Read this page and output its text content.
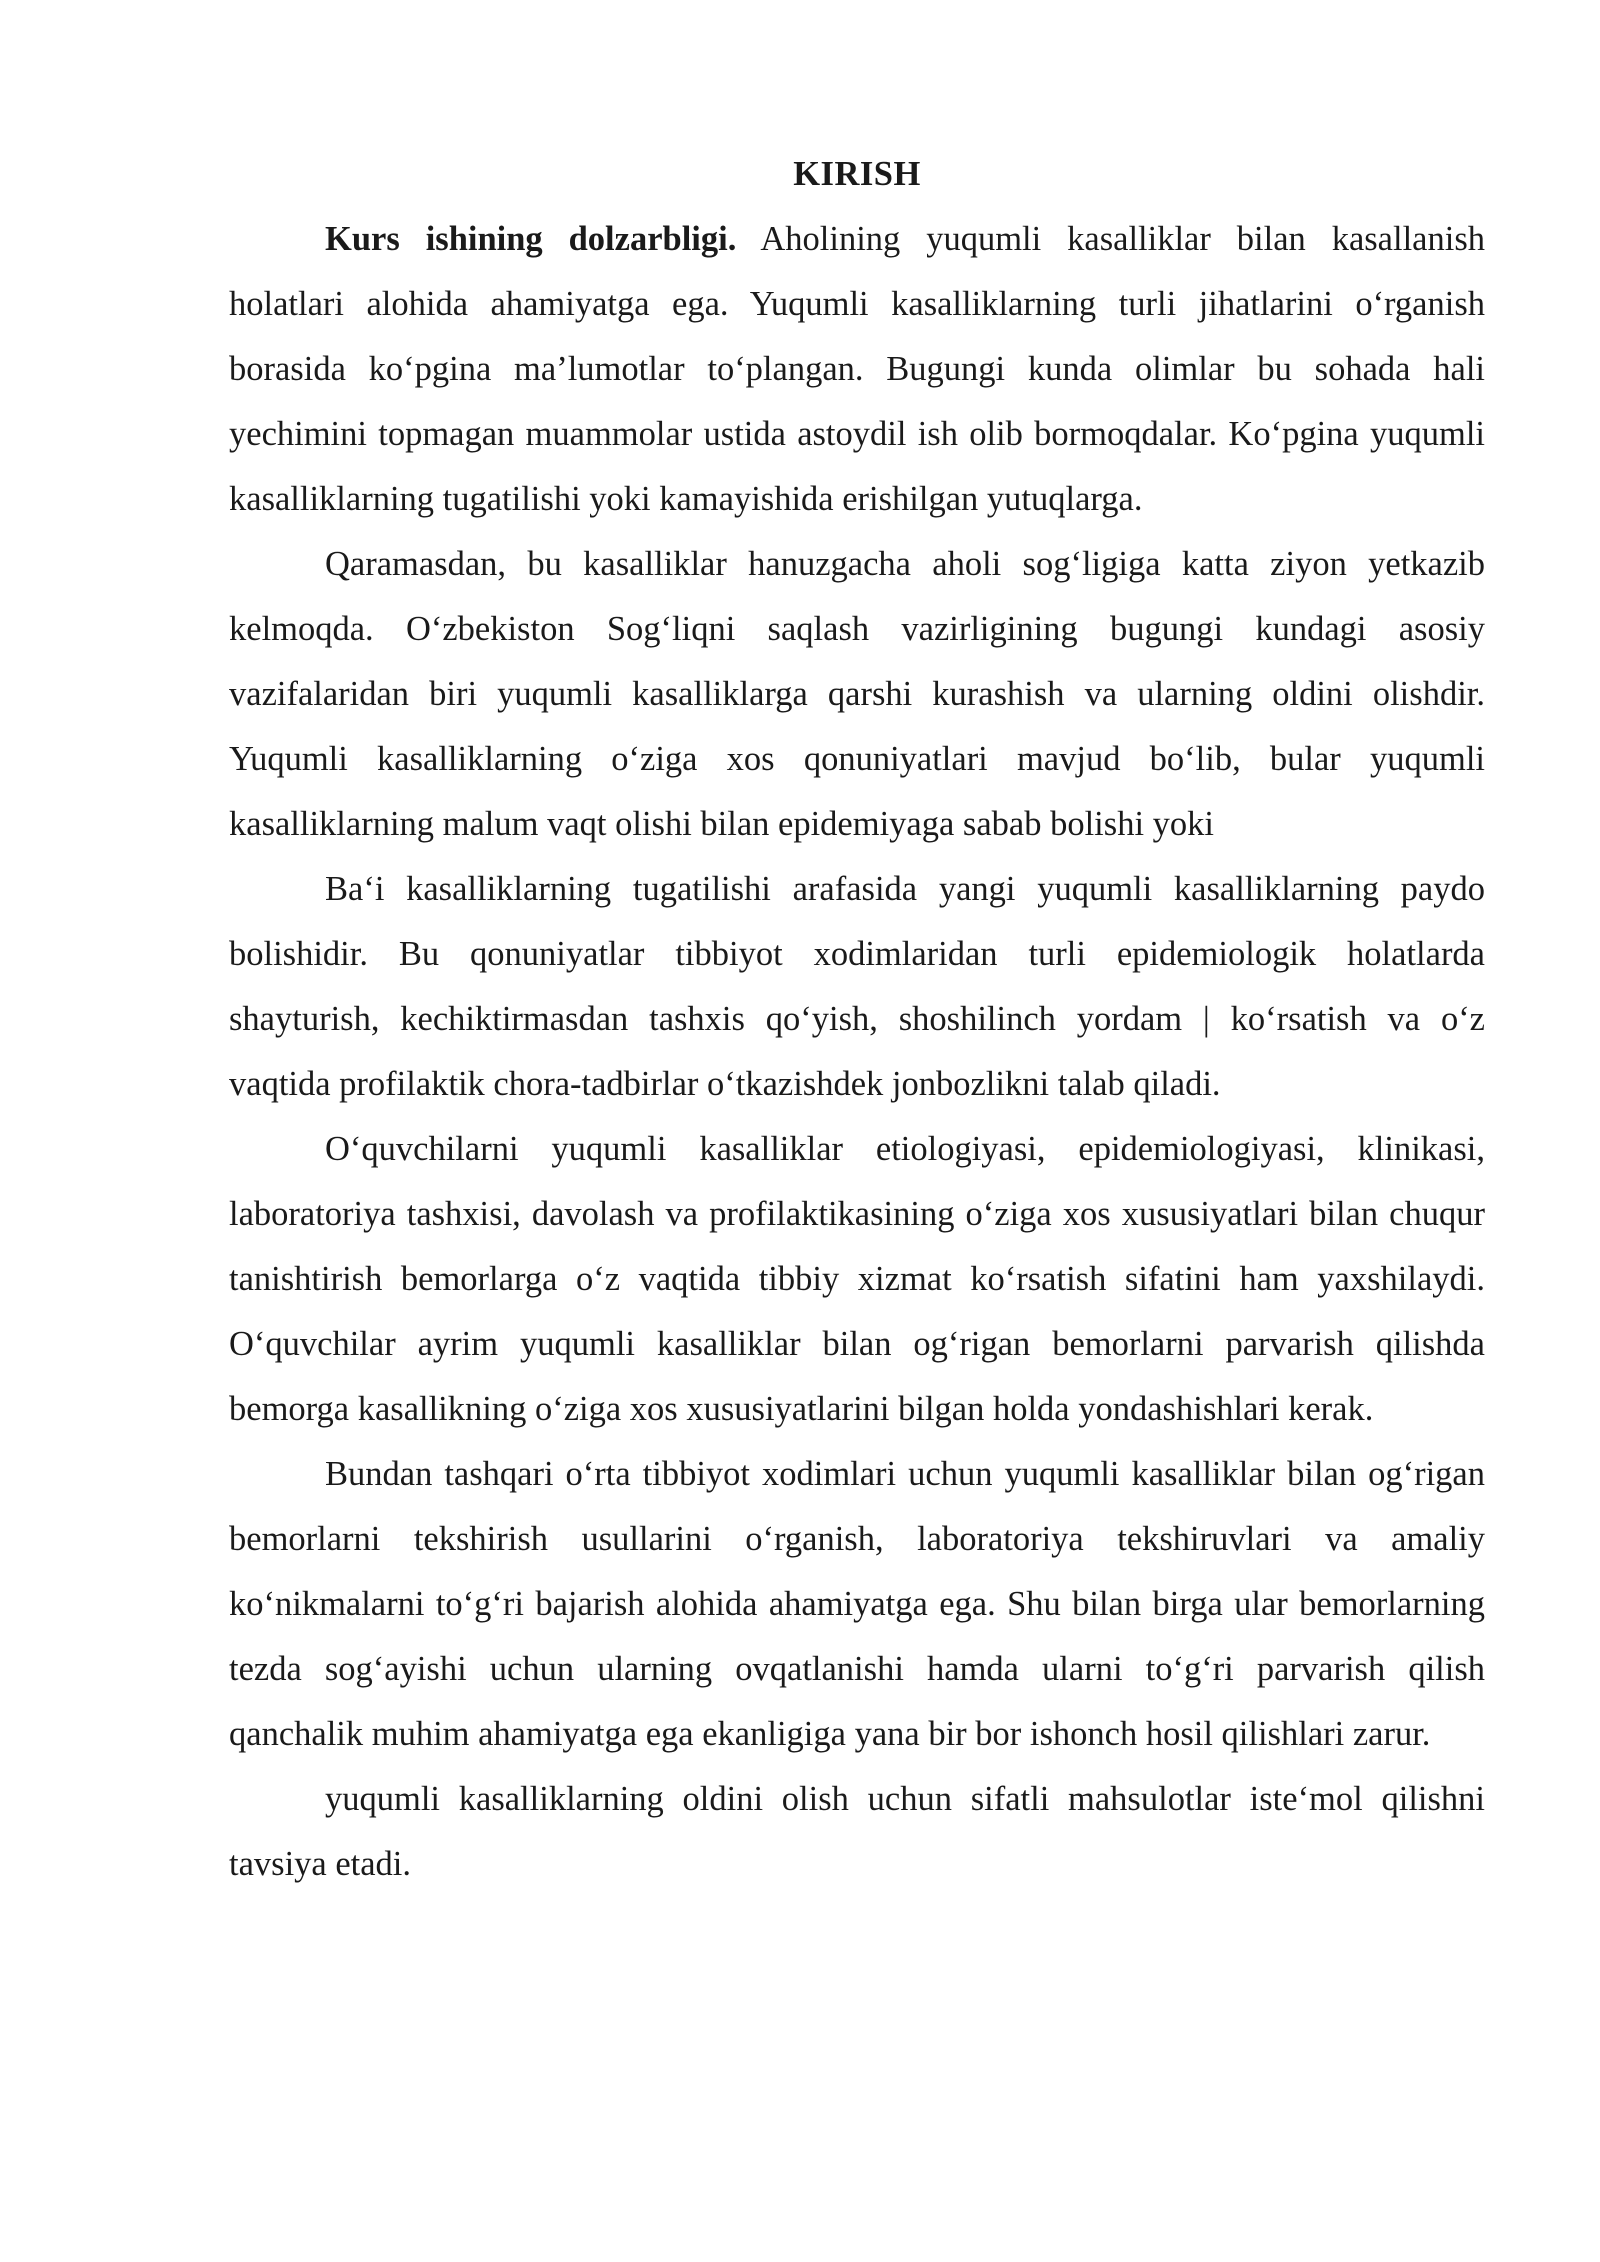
KIRISH

Kurs ishining dolzarbligi. Aholining yuqumli kasalliklar bilan kasallanish holatlari alohida ahamiyatga ega. Yuqumli kasalliklarning turli jihatlarini o‘rganish borasida ko‘pgina ma’lumotlar to‘plangan. Bugungi kunda olimlar bu sohada hali yechimini topmagan muammolar ustida astoydil ish olib bormoqdalar. Ko‘pgina yuqumli kasalliklarning tugatilishi yoki kamayishida erishilgan yutuqlarga.

Qaramasdan, bu kasalliklar hanuzgacha aholi sog‘ligiga katta ziyon yetkazib kelmoqda. O‘zbekiston Sog‘liqni saqlash vazirligining bugungi kundagi asosiy vazifalaridan biri yuqumli kasalliklarga qarshi kurashish va ularning oldini olishdir. Yuqumli kasalliklarning o‘ziga xos qonuniyatlari mavjud bo‘lib, bular yuqumli kasalliklarning malum vaqt olishi bilan epidemiyaga sabab bolishi yoki

Ba‘i kasalliklarning tugatilishi arafasida yangi yuqumli kasalliklarning paydo bolishidir. Bu qonuniyatlar tibbiyot xodimlaridan turli epidemiologik holatlarda shayturish, kechiktirmasdan tashxis qo‘yish, shoshilinch yordam | ko‘rsatish va o‘z vaqtida profilaktik chora-tadbirlar o‘tkazishdek jonbozlikni talab qiladi.

O‘quvchilarni yuqumli kasalliklar etiologiyasi, epidemiologiyasi, klinikasi, laboratoriya tashxisi, davolash va profilaktikasining o‘ziga xos xususiyatlari bilan chuqur tanishtirish bemorlarga o‘z vaqtida tibbiy xizmat ko‘rsatish sifatini ham yaxshilaydi. O‘quvchilar ayrim yuqumli kasalliklar bilan og‘rigan bemorlarni parvarish qilishda bemorga kasallikning o‘ziga xos xususiyatlarini bilgan holda yondashishlari kerak.

Bundan tashqari o‘rta tibbiyot xodimlari uchun yuqumli kasalliklar bilan og‘rigan bemorlarni tekshirish usullarini o‘rganish, laboratoriya tekshiruvlari va amaliy ko‘nikmalarni to‘g‘ri bajarish alohida ahamiyatga ega. Shu bilan birga ular bemorlarning tezda sog‘ayishi uchun ularning ovqatlanishi hamda ularni to‘g‘ri parvarish qilish qanchalik muhim ahamiyatga ega ekanligiga yana bir bor ishonch hosil qilishlari zarur.

yuqumli kasalliklarning oldini olish uchun sifatli mahsulotlar iste‘mol qilishni tavsiya etadi.
